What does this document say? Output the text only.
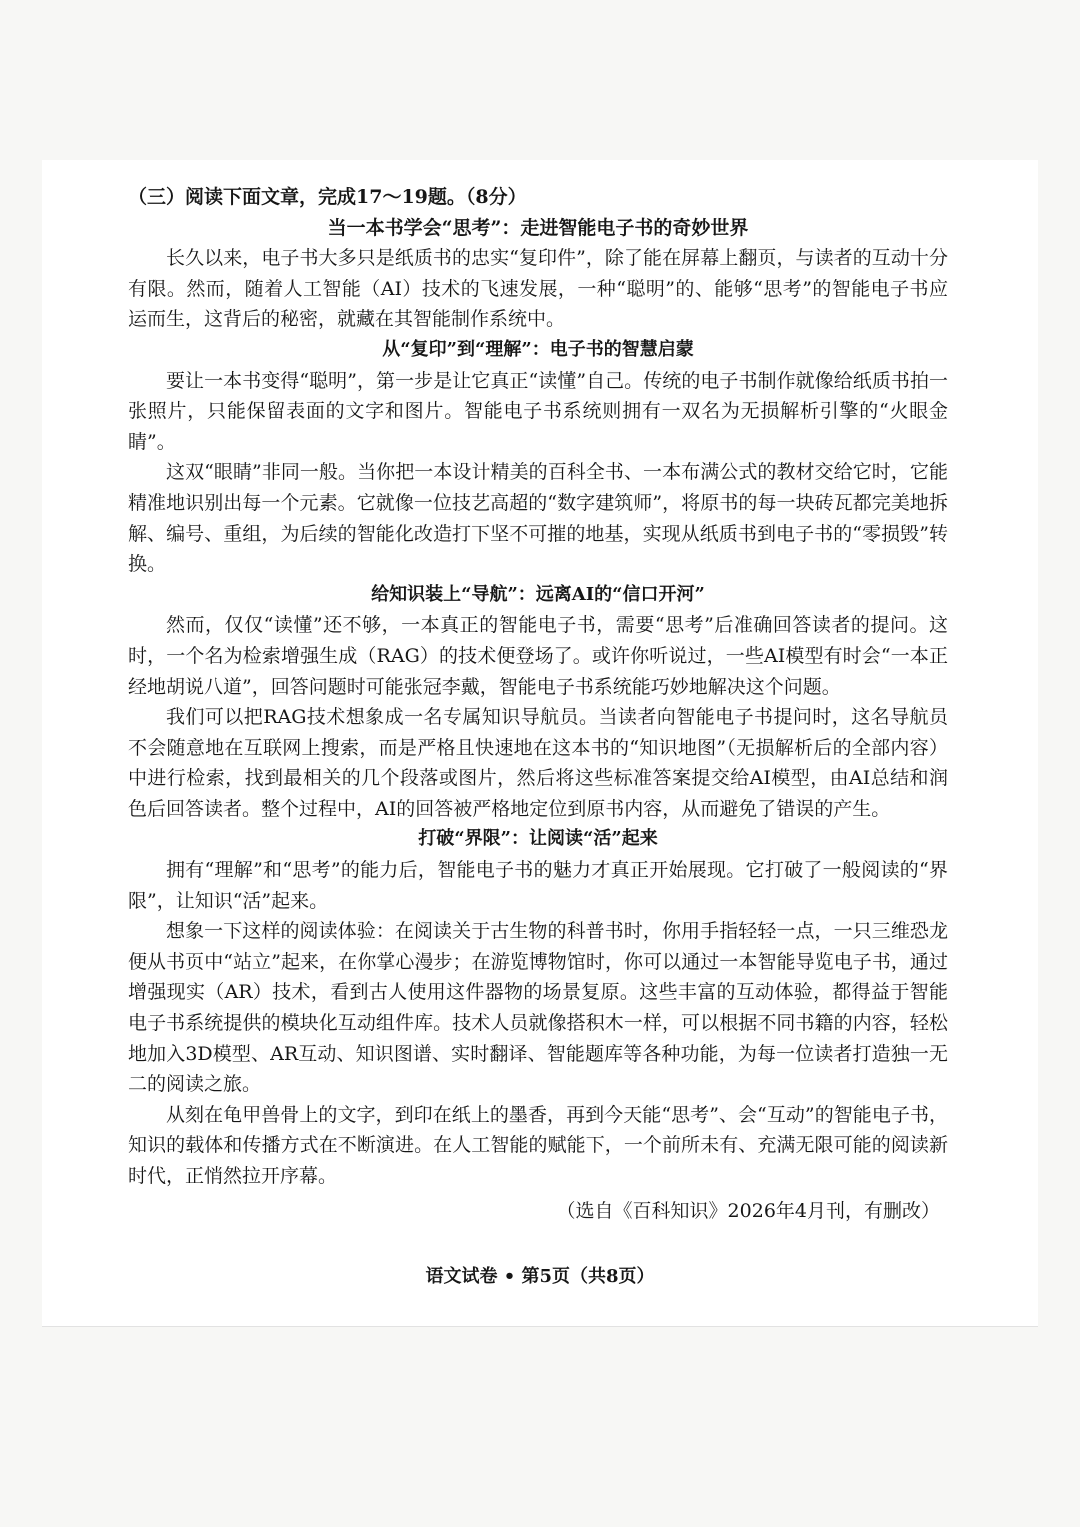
（三）阅读下面文章，完成17～19题。（8分）

当一本书学会“思考”：走进智能电子书的奇妙世界

长久以来，电子书大多只是纸质书的忠实“复印件”，除了能在屏幕上翻页，与读者的互动十分有限。然而，随着人工智能（AI）技术的飞速发展，一种“聪明”的、能够“思考”的智能电子书应运而生，这背后的秘密，就藏在其智能制作系统中。

从“复印”到“理解”：电子书的智慧启蒙

要让一本书变得“聪明”，第一步是让它真正“读懂”自己。传统的电子书制作就像给纸质书拍一张照片，只能保留表面的文字和图片。智能电子书系统则拥有一双名为无损解析引擎的“火眼金睛”。

这双“眼睛”非同一般。当你把一本设计精美的百科全书、一本布满公式的教材交给它时，它能精准地识别出每一个元素。它就像一位技艺高超的“数字建筑师”，将原书的每一块砖瓦都完美地拆解、编号、重组，为后续的智能化改造打下坚不可摧的地基，实现从纸质书到电子书的“零损毁”转换。

给知识装上“导航”：远离AI的“信口开河”

然而，仅仅“读懂”还不够，一本真正的智能电子书，需要“思考”后准确回答读者的提问。这时，一个名为检索增强生成（RAG）的技术便登场了。或许你听说过，一些AI模型有时会“一本正经地胡说八道”，回答问题时可能张冠李戴，智能电子书系统能巧妙地解决这个问题。

我们可以把RAG技术想象成一名专属知识导航员。当读者向智能电子书提问时，这名导航员不会随意地在互联网上搜索，而是严格且快速地在这本书的“知识地图”（无损解析后的全部内容）中进行检索，找到最相关的几个段落或图片，然后将这些标准答案提交给AI模型，由AI总结和润色后回答读者。整个过程中，AI的回答被严格地定位到原书内容，从而避免了错误的产生。

打破“界限”：让阅读“活”起来

拥有“理解”和“思考”的能力后，智能电子书的魅力才真正开始展现。它打破了一般阅读的“界限”，让知识“活”起来。

想象一下这样的阅读体验：在阅读关于古生物的科普书时，你用手指轻轻一点，一只三维恐龙便从书页中“站立”起来，在你掌心漫步；在游览博物馆时，你可以通过一本智能导览电子书，通过增强现实（AR）技术，看到古人使用这件器物的场景复原。这些丰富的互动体验，都得益于智能电子书系统提供的模块化互动组件库。技术人员就像搭积木一样，可以根据不同书籍的内容，轻松地加入3D模型、AR互动、知识图谱、实时翻译、智能题库等各种功能，为每一位读者打造独一无二的阅读之旅。

从刻在龟甲兽骨上的文字，到印在纸上的墨香，再到今天能“思考”、会“互动”的智能电子书，知识的载体和传播方式在不断演进。在人工智能的赋能下，一个前所未有、充满无限可能的阅读新时代，正悄然拉开序幕。

（选自《百科知识》2026年4月刊，有删改）

语文试卷 • 第5页（共8页）
